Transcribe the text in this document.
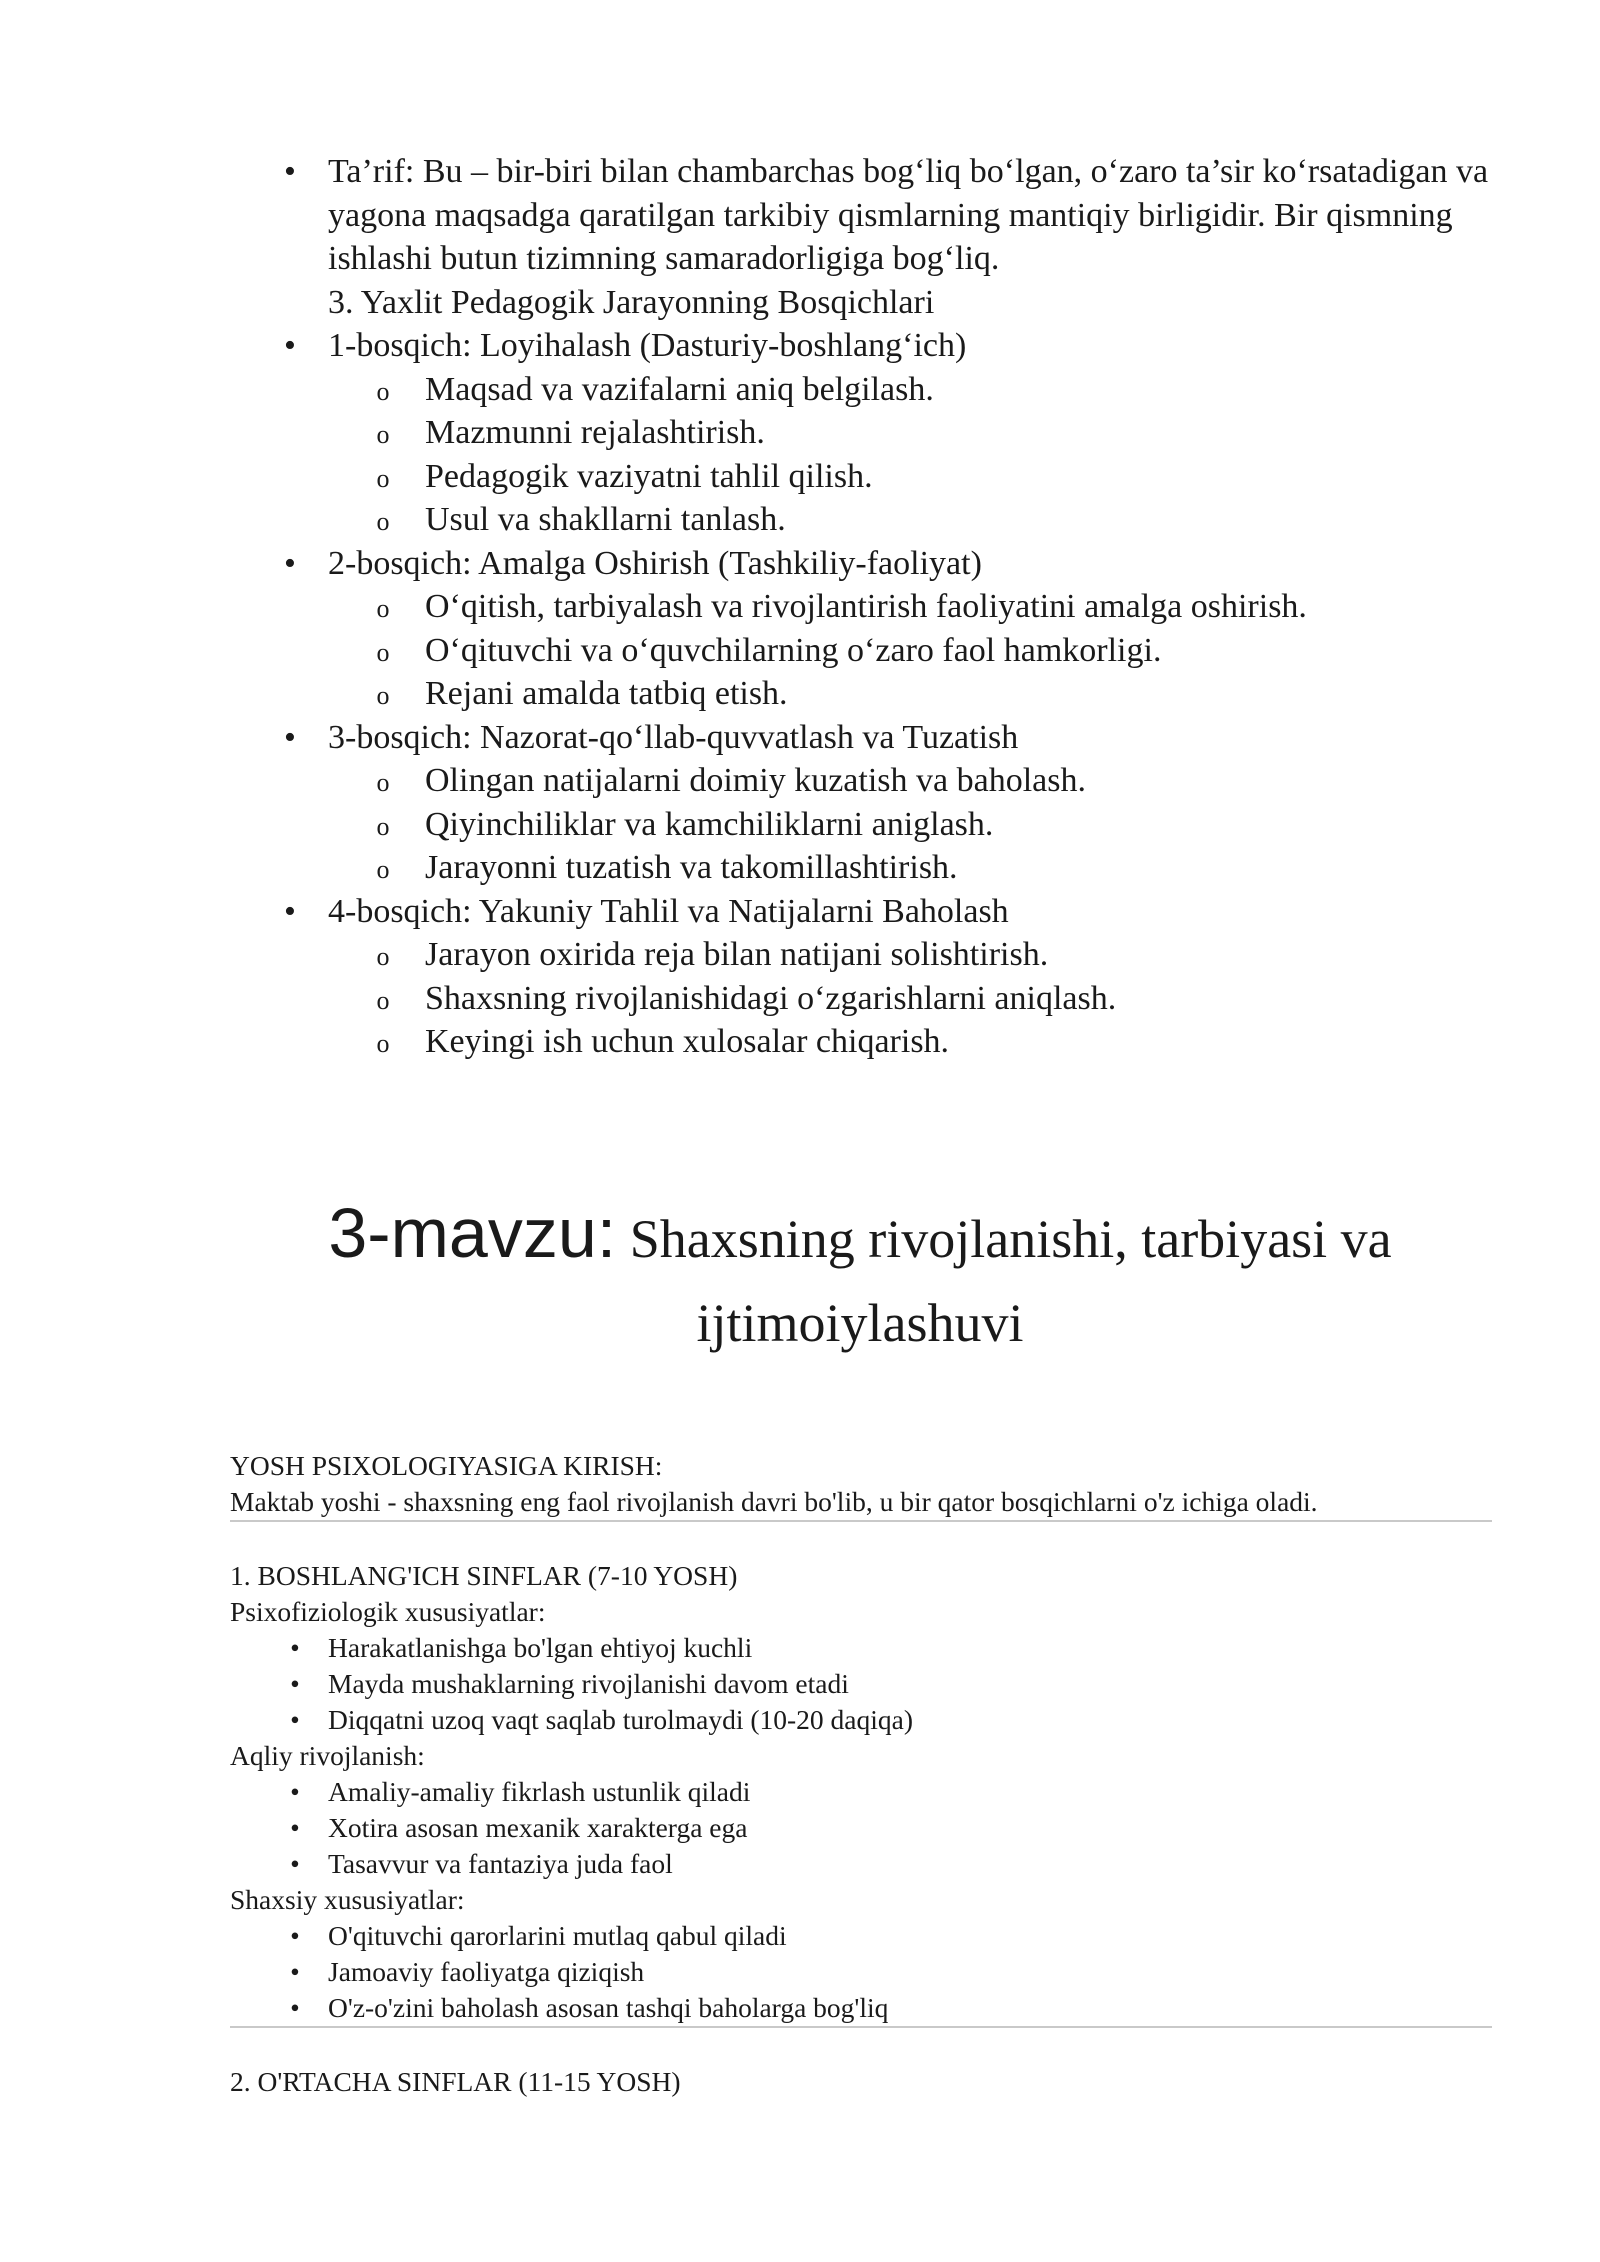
• Ta’rif: Bu – bir-biri bilan chambarchas bog‘liq bo‘lgan, o‘zaro ta’sir ko‘rsatadigan va yagona maqsadga qaratilgan tarkibiy qismlarning mantiqiy birligidir. Bir qismning ishlashi butun tizimning samaradorligiga bog‘liq.
3. Yaxlit Pedagogik Jarayonning Bosqichlari
• 1-bosqich: Loyihalash (Dasturiy-boshlang‘ich)
o Maqsad va vazifalarni aniq belgilash.
o Mazmunni rejalashtirish.
o Pedagogik vaziyatni tahlil qilish.
o Usul va shakllarni tanlash.
• 2-bosqich: Amalga Oshirish (Tashkiliy-faoliyat)
o O‘qitish, tarbiyalash va rivojlantirish faoliyatini amalga oshirish.
o O‘qituvchi va o‘quvchilarning o‘zaro faol hamkorligi.
o Rejani amalda tatbiq etish.
• 3-bosqich: Nazorat-qo‘llab-quvvatlash va Tuzatish
o Olingan natijalarni doimiy kuzatish va baholash.
o Qiyinchiliklar va kamchiliklarni aniglash.
o Jarayonni tuzatish va takomillashtirish.
• 4-bosqich: Yakuniy Tahlil va Natijalarni Baholash
o Jarayon oxirida reja bilan natijani solishtirish.
o Shaxsning rivojlanishidagi o‘zgarishlarni aniqlash.
o Keyingi ish uchun xulosalar chiqarish.
3-mavzu: Shaxsning rivojlanishi, tarbiyasi va
ijtimoiylashuvi

YOSH PSIXOLOGIYASIGA KIRISH:

Maktab yoshi - shaxsning eng faol rivojlanish davri bo'lib, u bir qator bosqichlarni o'z ichiga oladi.

1. BOSHLANG'ICH SINFLAR (7-10 YOSH)

Psixofiziologik xususiyatlar:

• Harakatlanishga bo'lgan ehtiyoj kuchli
• Mayda mushaklarning rivojlanishi davom etadi
• Diqqatni uzoq vaqt saqlab turolmaydi (10-20 daqiqa)

Aqliy rivojlanish:

• Amaliy-amaliy fikrlash ustunlik qiladi
• Xotira asosan mexanik xarakterga ega
• Tasavvur va fantaziya juda faol

Shaxsiy xususiyatlar:

• O'qituvchi qarorlarini mutlaq qabul qiladi
• Jamoaviy faoliyatga qiziqish
• O'z-o'zini baholash asosan tashqi baholarga bog'liq

2. O'RTACHA SINFLAR (11-15 YOSH)
